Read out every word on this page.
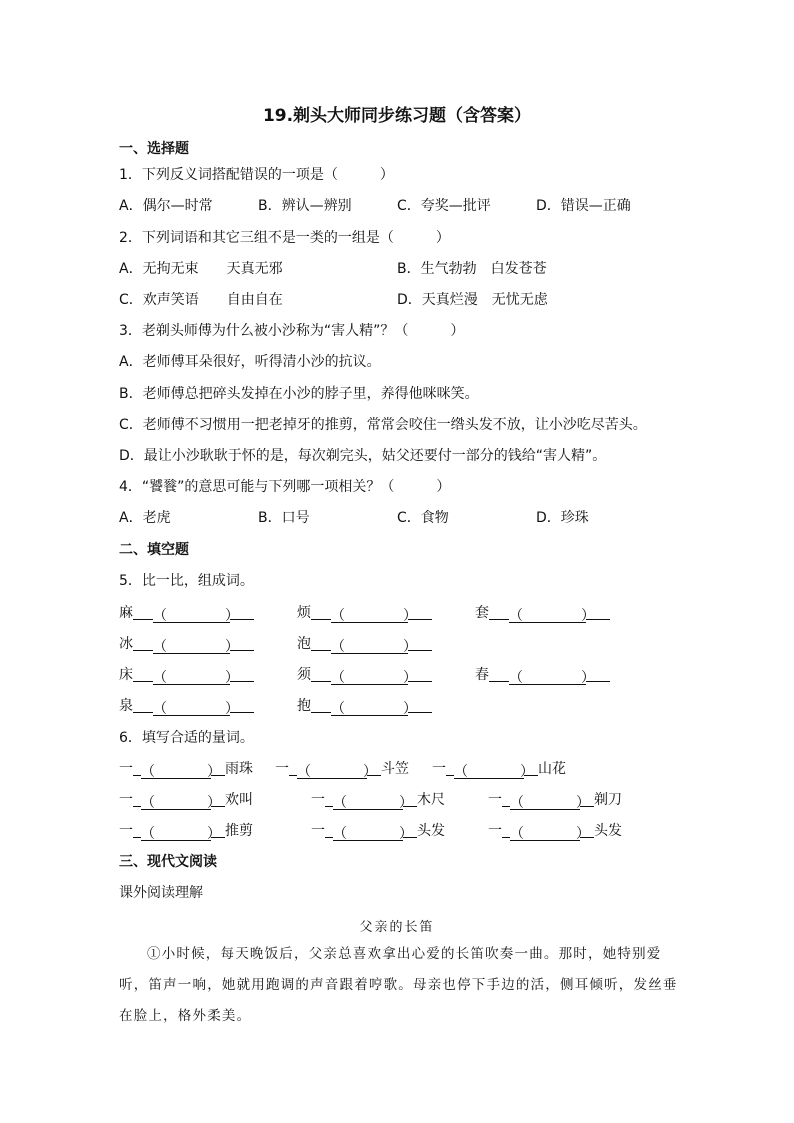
19.剃头大师同步练习题（含答案）
一、选择题
1．下列反义词搭配错误的一项是（　　　）
A．偶尔—时常	B．辨认—辨别	C．夸奖—批评	D．错误—正确
2．下列词语和其它三组不是一类的一组是（　　　）
A．无拘无束　　天真无邪	B．生气勃勃　白发苍苍
C．欢声笑语　　自由自在	D．天真烂漫　无忧无虑
3．老剃头师傅为什么被小沙称为“害人精”？（　　　）
A．老师傅耳朵很好，听得清小沙的抗议。
B．老师傅总把碎头发掉在小沙的脖子里，养得他咪咪笑。
C．老师傅不习惯用一把老掉牙的推剪，常常会咬住一绺头发不放，让小沙吃尽苦头。
D．最让小沙耿耿于怀的是，每次剃完头，姑父还要付一部分的钱给“害人精”。
4．“饕餮”的意思可能与下列哪一项相关？（　　　）
A．老虎	B．口号	C．食物	D．珍珠
二、填空题
5．比一比，组成词。
麻 （	）	烦 （	）	套 （	）
冰 （	）	泡 （	）
床 （	）	须 （	）	春 （	）
泉 （	）	抱 （	）
6．填写合适的量词。
一 （	） 雨珠 一 （	） 斗笠 一 （	） 山花
一 （	） 欢叫	一 （	） 木尺	一 （	） 剃刀
一 （	） 推剪	一 （	） 头发	一 （	） 头发
三、现代文阅读
课外阅读理解
父亲的长笛

①小时候，每天晚饭后，父亲总喜欢拿出心爱的长笛吹奏一曲。那时，她特别爱听，笛声一响，她就用跑调的声音跟着哼歌。母亲也停下手边的活，侧耳倾听，发丝垂在脸上，格外柔美。
